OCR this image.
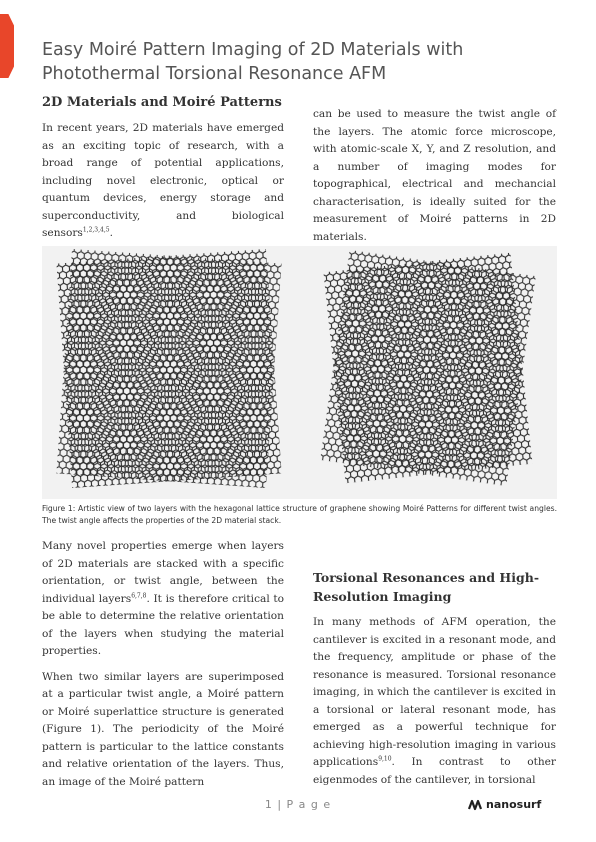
Easy Moiré Pattern Imaging of 2D Materials with Photothermal Torsional Resonance AFM
2D Materials and Moiré Patterns

In recent years, 2D materials have emerged as an exciting topic of research, with a broad range of potential applications, including novel electronic, optical or quantum devices, energy storage and superconductivity, and biological sensors$^{1,2,3,4,5}$.

can be used to measure the twist angle of the layers. The atomic force microscope, with atomic-scale X, Y, and Z resolution, and a number of imaging modes for topographical, electrical and mechancial characterisation, is ideally suited for the measurement of Moiré patterns in 2D materials.

Figure 1: Artistic view of two layers with the hexagonal lattice structure of graphene showing Moiré Patterns for different twist angles. The twist angle affects the properties of the 2D material stack.

Many novel properties emerge when layers of 2D materials are stacked with a specific orientation, or twist angle, between the individual layers$^{6,7,8}$. It is therefore critical to be able to determine the relative orientation of the layers when studying the material properties.

When two similar layers are superimposed at a particular twist angle, a Moiré pattern or Moiré superlattice structure is generated (Figure 1). The periodicity of the Moiré pattern is particular to the lattice constants and relative orientation of the layers. Thus, an image of the Moiré pattern

Torsional Resonances and High-Resolution Imaging

In many methods of AFM operation, the cantilever is excited in a resonant mode, and the frequency, amplitude or phase of the resonance is measured. Torsional resonance imaging, in which the cantilever is excited in a torsional or lateral resonant mode, has emerged as a powerful technique for achieving high-resolution imaging in various applications$^{9,10}$. In contrast to other eigenmodes of the cantilever, in torsional

1 | P a g e	nanosurf
